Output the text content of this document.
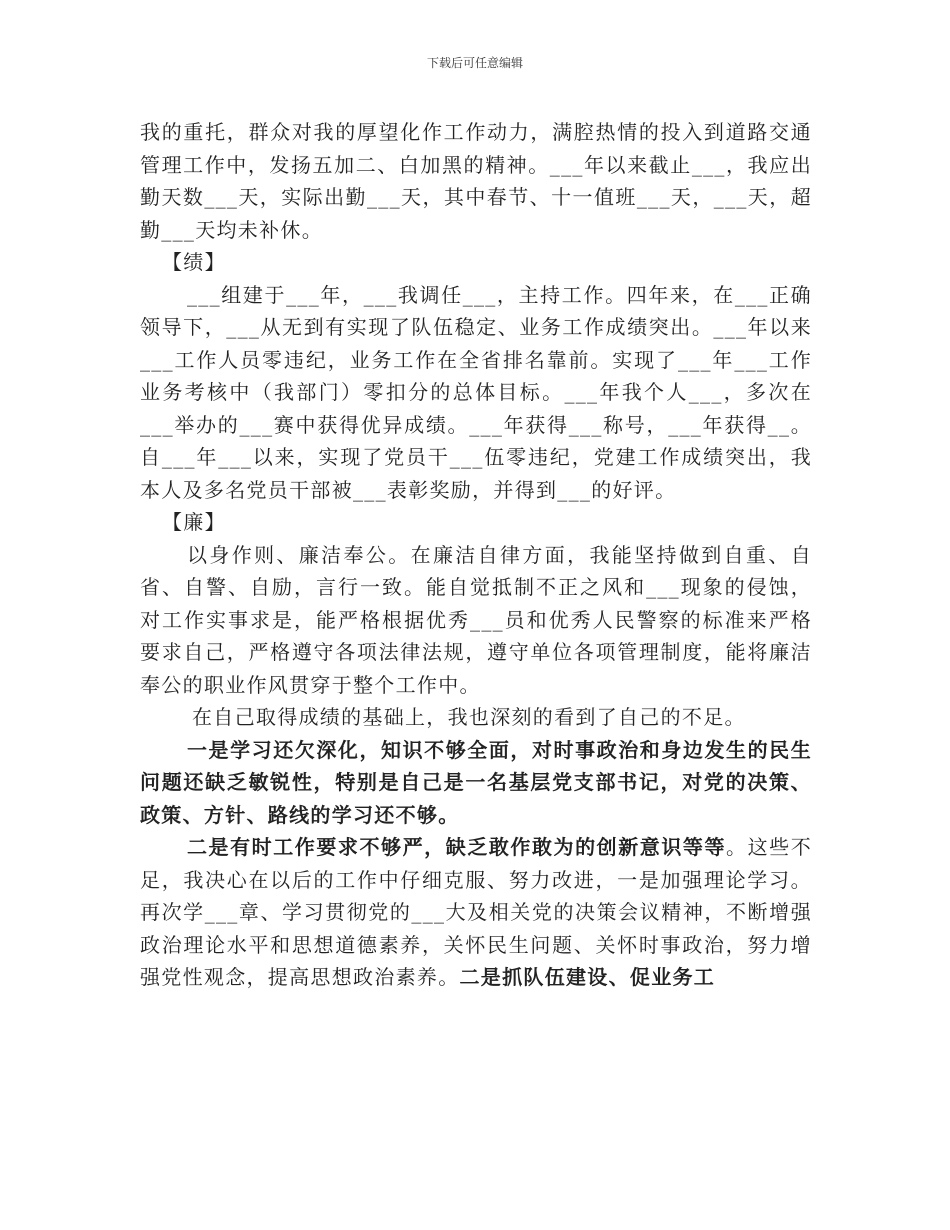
下载后可任意编辑

我的重托，群众对我的厚望化作工作动力，满腔热情的投入到道路交通管理工作中，发扬五加二、白加黑的精神。___年以来截止___，我应出勤天数___天，实际出勤___天，其中春节、十一值班___天，___天，超勤___天均未补休。

【绩】

___组建于___年，___我调任___，主持工作。四年来，在___正确领导下，___从无到有实现了队伍稳定、业务工作成绩突出。___年以来___工作人员零违纪，业务工作在全省排名靠前。实现了___年___工作业务考核中（我部门）零扣分的总体目标。___年我个人___，多次在___举办的___赛中获得优异成绩。___年获得___称号，___年获得__。自___年___以来，实现了党员干___伍零违纪，党建工作成绩突出，我本人及多名党员干部被___表彰奖励，并得到___的好评。

【廉】

以身作则、廉洁奉公。在廉洁自律方面，我能坚持做到自重、自省、自警、自励，言行一致。能自觉抵制不正之风和___现象的侵蚀，对工作实事求是，能严格根据优秀___员和优秀人民警察的标准来严格要求自己，严格遵守各项法律法规，遵守单位各项管理制度，能将廉洁奉公的职业作风贯穿于整个工作中。

在自己取得成绩的基础上，我也深刻的看到了自己的不足。

一是学习还欠深化，知识不够全面，对时事政治和身边发生的民生问题还缺乏敏锐性，特别是自己是一名基层党支部书记，对党的决策、政策、方针、路线的学习还不够。

二是有时工作要求不够严，缺乏敢作敢为的创新意识等等。这些不足，我决心在以后的工作中仔细克服、努力改进，一是加强理论学习。再次学___章、学习贯彻党的___大及相关党的决策会议精神，不断增强政治理论水平和思想道德素养，关怀民生问题、关怀时事政治，努力增强党性观念，提高思想政治素养。二是抓队伍建设、促业务工
